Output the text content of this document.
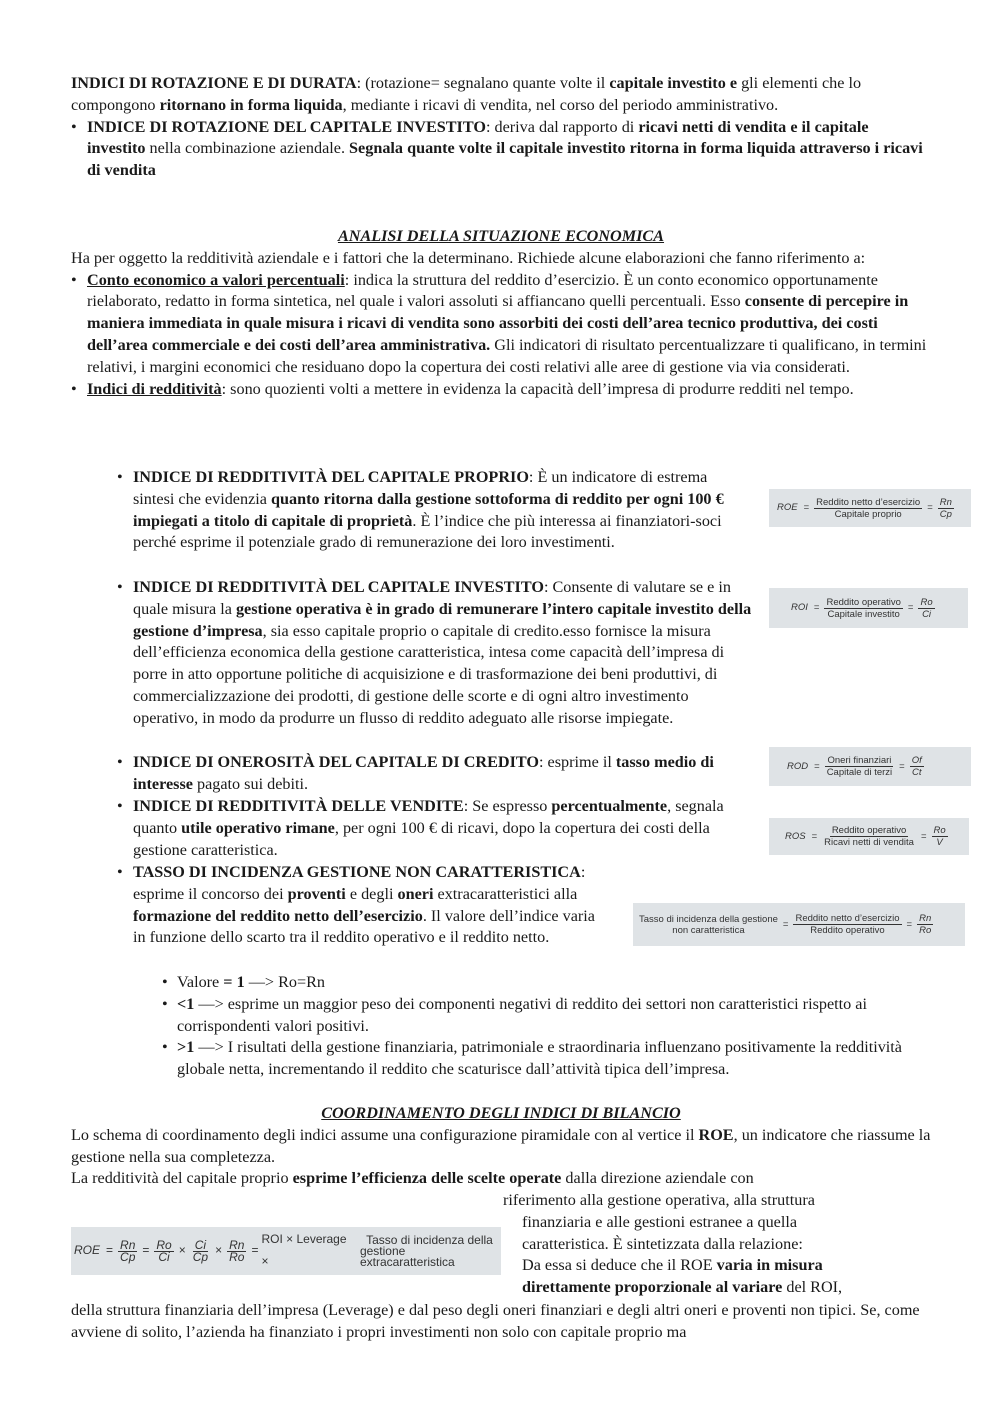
INDICI DI ROTAZIONE E DI DURATA: (rotazione= segnalano quante volte il capitale investito e gli elementi che lo compongono ritornano in forma liquida, mediante i ricavi di vendita, nel corso del periodo amministrativo.

• INDICE DI ROTAZIONE DEL CAPITALE INVESTITO: deriva dal rapporto di ricavi netti di vendita e il capitale investito nella combinazione aziendale. Segnala quante volte il capitale investito ritorna in forma liquida attraverso i ricavi di vendita

ANALISI DELLA SITUAZIONE ECONOMICA

Ha per oggetto la redditività aziendale e i fattori che la determinano. Richiede alcune elaborazioni che fanno riferimento a:

• Conto economico a valori percentuali: indica la struttura del reddito d’esercizio. È un conto economico opportunamente rielaborato, redatto in forma sintetica, nel quale i valori assoluti si affiancano quelli percentuali. Esso consente di percepire in maniera immediata in quale misura i ricavi di vendita sono assorbiti dei costi dell’area tecnico produttiva, dei costi dell’area commerciale e dei costi dell’area amministrativa. Gli indicatori di risultato percentualizzare ti qualificano, in termini relativi, i margini economici che residuano dopo la copertura dei costi relativi alle aree di gestione via via considerati.

• Indici di redditività: sono quozienti volti a mettere in evidenza la capacità dell’impresa di produrre redditi nel tempo.

• INDICE DI REDDITIVITÀ DEL CAPITALE PROPRIO: È un indicatore di estrema sintesi che evidenzia quanto ritorna dalla gestione sottoforma di reddito per ogni 100 € impiegati a titolo di capitale di proprietà. È l’indice che più interessa ai finanziatori-soci perché esprime il potenziale grado di remunerazione dei loro investimenti.

• INDICE DI REDDITIVITÀ DEL CAPITALE INVESTITO: Consente di valutare se e in quale misura la gestione operativa è in grado di remunerare l’intero capitale investito della gestione d’impresa, sia esso capitale proprio o capitale di credito.esso fornisce la misura dell’efficienza economica della gestione caratteristica, intesa come capacità dell’impresa di porre in atto opportune politiche di acquisizione e di trasformazione dei beni produttivi, di commercializzazione dei prodotti, di gestione delle scorte e di ogni altro investimento operativo, in modo da produrre un flusso di reddito adeguato alle risorse impiegate.

• INDICE DI ONEROSITÀ DEL CAPITALE DI CREDITO: esprime il tasso medio di interesse pagato sui debiti.

• INDICE DI REDDITIVITÀ DELLE VENDITE: Se espresso percentualmente, segnala quanto utile operativo rimane, per ogni 100 € di ricavi, dopo la copertura dei costi della gestione caratteristica.

• TASSO DI INCIDENZA GESTIONE NON CARATTERISTICA: esprime il concorso dei proventi e degli oneri extracaratteristici alla formazione del reddito netto dell’esercizio. Il valore dell’indice varia in funzione dello scarto tra il reddito operativo e il reddito netto.

• Valore = 1 —> Ro=Rn

• <1 —> esprime un maggior peso dei componenti negativi di reddito dei settori non caratteristici rispetto ai corrispondenti valori positivi.

• >1 —> I risultati della gestione finanziaria, patrimoniale e straordinaria influenzano positivamente la redditività globale netta, incrementando il reddito che scaturisce dall’attività tipica dell’impresa.

COORDINAMENTO DEGLI INDICI DI BILANCIO

Lo schema di coordinamento degli indici assume una configurazione piramidale con al vertice il ROE, un indicatore che riassume la gestione nella sua completezza.

La redditività del capitale proprio esprime l’efficienza delle scelte operate dalla direzione aziendale con

riferimento alla gestione operativa, alla struttura

finanziaria e alle gestioni estranee a quella

caratteristica. È sintetizzata dalla relazione:

Da essa si deduce che il ROE varia in misura

direttamente proporzionale al variare del ROI,

della struttura finanziaria dell’impresa (Leverage) e dal peso degli oneri finanziari e degli altri oneri e proventi non tipici. Se, come avviene di solito, l’azienda ha finanziato i propri investimenti non solo con capitale proprio ma

ROE = $\frac{\text{Reddito netto d’esercizio}}{\text{Capitale proprio}} = \frac{Rn}{Cp}$
ROI = $\frac{\text{Reddito operativo}}{\text{Capitale investito}} = \frac{Ro}{Ci}$
ROD = $\frac{\text{Oneri finanziari}}{\text{Capitale di terzi}} = \frac{Of}{Ct}$
ROS = $\frac{\text{Reddito operativo}}{\text{Ricavi netti di vendita}} = \frac{Ro}{V}$
Tasso di incidenza della gestione
non caratteristica
= $\frac{\text{Reddito netto d’esercizio}}{\text{Reddito operativo}} = \frac{Rn}{Ro}$
ROE = $\frac{Rn}{Cp} = \frac{Ro}{Ci} \times \frac{Ci}{Cp} \times \frac{Rn}{Ro}$ =
ROI × Leverage ×
Tasso di incidenza della
gestione extracaratteristica
